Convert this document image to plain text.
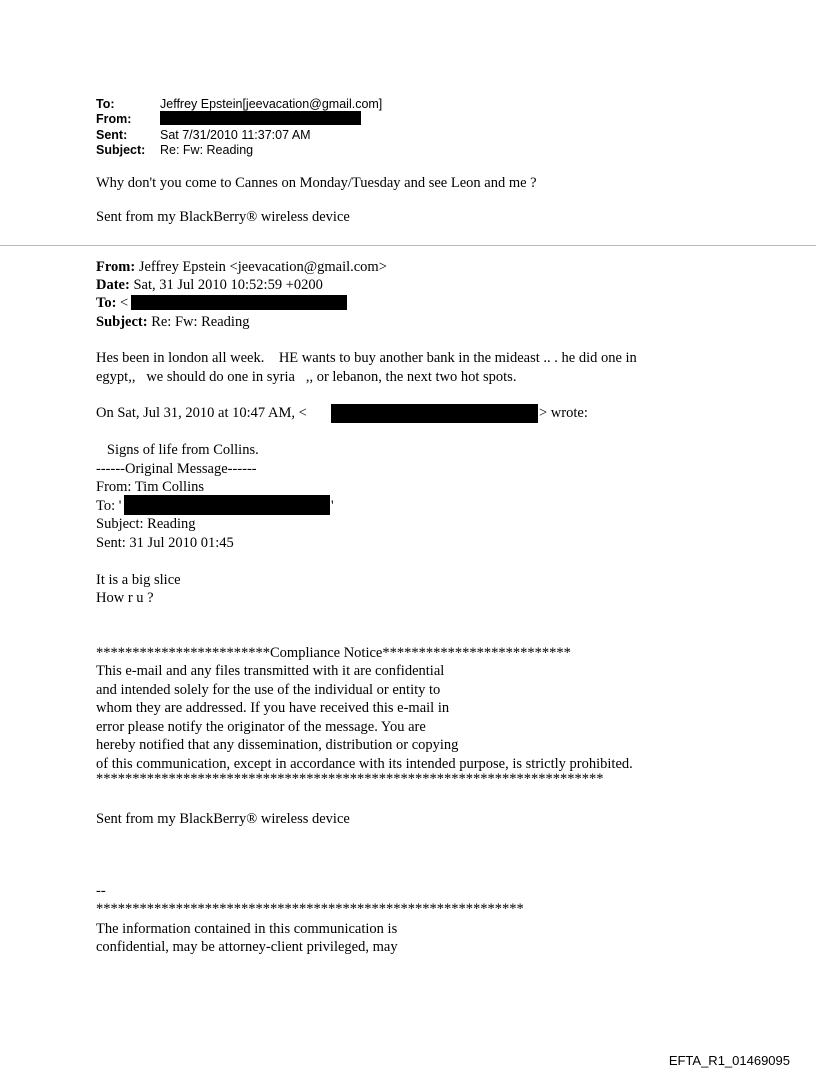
To:	Jeffrey Epstein[jeevacation@gmail.com]
From:
Sent:	Sat 7/31/2010 11:37:07 AM
Subject: Re: Fw: Reading
Why don't you come to Cannes on Monday/Tuesday and see Leon and me ?
Sent from my BlackBerry® wireless device
From: Jeffrey Epstein <jeevacation@gmail.com>
Date: Sat, 31 Jul 2010 10:52:59 +0200
To: <
Subject: Re: Fw: Reading
Hes been in london all week.    HE wants to buy another bank in the mideast .. . he did one in
egypt,,   we should do one in syria   ,, or lebanon, the next two hot spots.
On Sat, Jul 31, 2010 at 10:47 AM, <	> wrote:
Signs of life from Collins.
------Original Message------
From: Tim Collins
To: '	'
Subject: Reading
Sent: 31 Jul 2010 01:45
It is a big slice
How r u ?
************************Compliance Notice**************************
This e-mail and any files transmitted with it are confidential
and intended solely for the use of the individual or entity to
whom they are addressed. If you have received this e-mail in
error please notify the originator of the message. You are
hereby notified that any dissemination, distribution or copying
of this communication, except in accordance with its intended purpose, is strictly prohibited.
**********************************************************************
Sent from my BlackBerry® wireless device
--
***********************************************************
The information contained in this communication is
confidential, may be attorney-client privileged, may
EFTA_R1_01469095
